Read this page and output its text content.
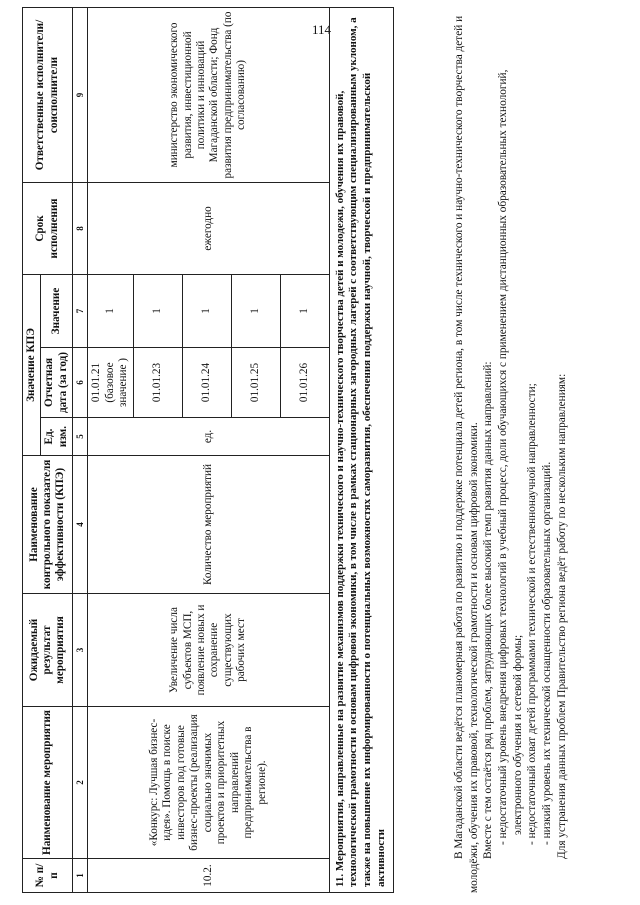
114
№ п/п	Наименование мероприятия	Ожидаемый результат мероприятия	Наименование контрольного показателя эффективности (КПЭ)	Значение КПЭ			Срок исполнения	Ответственные исполнители/ соисполнители
				Ед. изм.	Отчетная дата (за год)	Значение		
1	2	3	4	5	6	7	8	9
10.2.	«Конкурс: Лучшая бизнес-идея». Помощь в поиске инвесторов под готовые бизнес-проекты (реализация социально значимых проектов и приоритетных направлений предпринимательства в регионе).	Увеличение числа субъектов МСП, появление новых и сохранение существующих рабочих мест	Количество мероприятий	ед.	01.01.21 (базовое значение )	1	ежегодно	министерство экономического развития, инвестиционной политики и инноваций Магаданской области; Фонд развития предпринимательства (по согласованию)
					01.01.23	1		
					01.01.24	1		
					01.01.25	1		
					01.01.26	1		
11. Мероприятия, направленные на развитие механизмов поддержки технического и научно-технического творчества детей и молодежи, обучения их правовой, технологической грамотности и основам цифровой экономики, в том числе в рамках стационарных загородных лагерей с соответствующим специализированным уклоном, а также на повышение их информированности о потенциальных возможностях саморазвития, обеспечения поддержки научной, творческой и предпринимательской активности									В Магаданской области ведётся планомерная работа по развитию и поддержке потенциала детей региона, в том числе технического и научно-технического творчества детей и молодёжи, обучения их правовой, технологической грамотности и основам цифровой экономики. Вместе с тем остаётся ряд проблем, затрудняющих более высокий темп развития данных направлений: - недостаточный уровень внедрения цифровых технологий в учебный процесс, доли обучающихся с применением дистанционных образовательных технологий, электронного обучения и сетевой формы; - недостаточный охват детей программами технической и естественнонаучной направленности; - низкий уровень их технической оснащенности образовательных организаций. Для устранения данных проблем Правительство региона ведёт работу по нескольким направлениям:
